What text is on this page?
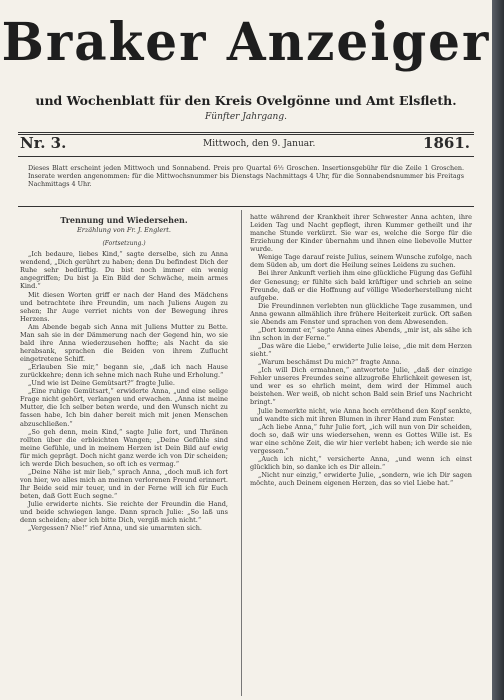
Braker Anzeiger
und Wochenblatt für den Kreis Ovelgönne und Amt Elsfleth.
Fünfter Jahrgang.
Nr. 3.	Mittwoch, den 9. Januar.	1861.
Dieses Blatt erscheint jeden Mittwoch und Sonnabend. Preis pro Quartal 6½ Groschen. Insertionsgebühr für die Zeile 1 Groschen. Inserate werden angenommen: für die Mittwochsnummer bis Dienstags Nachmittags 4 Uhr, für die Sonnabendsnummer bis Freitags Nachmittags 4 Uhr.
Trennung und Wiedersehen.
Erzählung von Fr. J. Englert.
(Fortsetzung.)

„Ich bedaure, liebes Kind,“ sagte derselbe, sich zu Anna wendend, „Dich gerührt zu haben; denn Du befindest Dich der Ruhe sehr bedürftig. Du bist noch immer ein wenig angegriffen; Du bist ja Ein Bild der Schwäche, mein armes Kind.“

Mit diesen Worten griff er nach der Hand des Mädchens und betrachtete ihre Freundin, um nach Juliens Augen zu sehen; Ihr Auge verriet nichts von der Bewegung ihres Herzens.

Am Abende begab sich Anna mit Juliens Mutter zu Bette. Man sah sie in der Dämmerung nach der Gegend hin, wo sie bald ihre Anna wiederzusehen hoffte; als Nacht da sie herabsank, sprachen die Beiden von ihrem Zuflucht eingetretene Schiff.

„Erlauben Sie mir,“ begann sie, „daß ich nach Hause zurückkehre; denn ich sehne mich nach Ruhe und Erholung.“

„Und wie ist Deine Gemütsart?“ fragte Julie.

„Eine ruhige Gemütsart,“ erwiderte Anna, „und eine selige Frage nicht gehört, verlangen und erwachen. „Anna ist meine Mutter, die Ich selber beten werde, und den Wunsch nicht zu fassen habe, Ich bin daher bereit mich mit jenen Menschen abzuschließen.“

„So geh denn, mein Kind,“ sagte Julie fort, und Thränen rollten über die erbleichten Wangen; „Deine Gefühle sind meine Gefühle, und in meinem Herzen ist Dein Bild auf ewig für mich geprägt. Doch nicht ganz werde ich von Dir scheiden; ich werde Dich besuchen, so oft ich es vermag.“

„Deine Nähe ist mir lieb,“ sprach Anna, „doch muß ich fort von hier, wo alles mich an meinen verlorenen Freund erinnert. Ihr Beide seid mir teuer, und in der Ferne will ich für Euch beten, daß Gott Euch segne.“

Julie erwiderte nichts. Sie reichte der Freundin die Hand, und beide schwiegen lange. Dann sprach Julie: „So laß uns denn scheiden; aber ich bitte Dich, vergiß mich nicht.“

„Vergessen? Nie!“ rief Anna, und sie umarmten sich.

hatte während der Krankheit ihrer Schwester Anna achten, ihre Leiden Tag und Nacht gepflegt, ihren Kummer getheilt und ihr manche Stunde verkürzt. Sie war es, welche die Sorge für die Erziehung der Kinder übernahm und ihnen eine liebevolle Mutter wurde.

Wenige Tage darauf reiste Julius, seinem Wunsche zufolge, nach dem Süden ab, um dort die Heilung seines Leidens zu suchen.

Bei ihrer Ankunft verlieh ihm eine glückliche Fügung das Gefühl der Genesung; er fühlte sich bald kräftiger und schrieb an seine Freunde, daß er die Hoffnung auf völlige Wiederherstellung nicht aufgebe.

Die Freundinnen verlebten nun glückliche Tage zusammen, und Anna gewann allmählich ihre frühere Heiterkeit zurück. Oft saßen sie Abends am Fenster und sprachen von dem Abwesenden.

„Dort kommt er,“ sagte Anna eines Abends, „mir ist, als sähe ich ihn schon in der Ferne.“

„Das wäre die Liebe,“ erwiderte Julie leise, „die mit dem Herzen sieht.“

„Warum beschämst Du mich?“ fragte Anna.

„Ich will Dich ermahnen,“ antwortete Julie, „daß der einzige Fehler unseres Freundes seine allzugroße Ehrlichkeit gewesen ist, und wer es so ehrlich meint, dem wird der Himmel auch beistehen. Wer weiß, ob nicht schon Bald sein Brief uns Nachricht bringt.“

Julie bemerkte nicht, wie Anna hoch erröthend den Kopf senkte, und wandte sich mit ihren Blumen in ihrer Hand zum Fenster.

„Ach liebe Anna,“ fuhr Julie fort, „ich will nun von Dir scheiden, doch so, daß wir uns wiedersehen, wenn es Gottes Wille ist. Es war eine schöne Zeit, die wir hier verlebt haben; ich werde sie nie vergessen.“

„Auch ich nicht,“ versicherte Anna, „und wenn ich einst glücklich bin, so danke ich es Dir allein.“

„Nicht nur einzig,“ erwiderte Julie, „sondern, wie ich Dir sagen möchte, auch Deinem eigenen Herzen, das so viel Liebe hat.“
